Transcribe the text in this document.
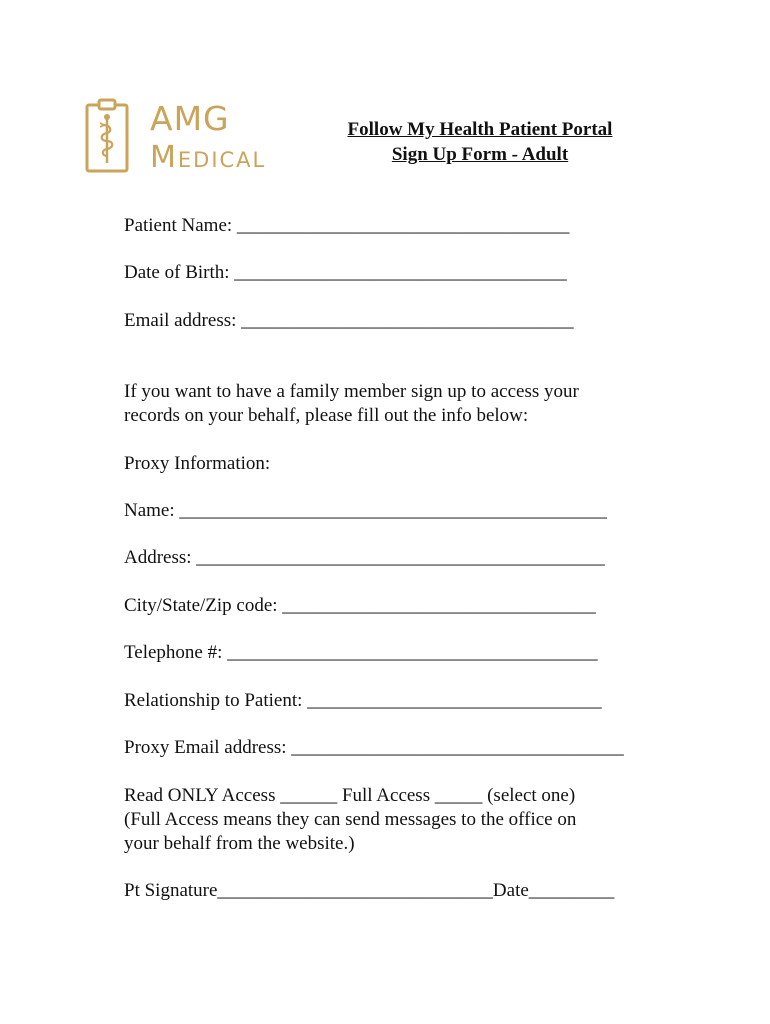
AMG
Medical
Follow My Health Patient Portal
Sign Up Form - Adult
Patient Name: ___________________________________
Date of Birth: ___________________________________
Email address: ___________________________________
If you want to have a family member sign up to access your
records on your behalf, please fill out the info below:
Proxy Information:
Name: _____________________________________________
Address: ___________________________________________
City/State/Zip code: _________________________________
Telephone #: _______________________________________
Relationship to Patient: _______________________________
Proxy Email address: ___________________________________
Read ONLY Access ______ Full Access _____ (select one)
(Full Access means they can send messages to the office on
your behalf from the website.)
Pt Signature_____________________________Date_________
